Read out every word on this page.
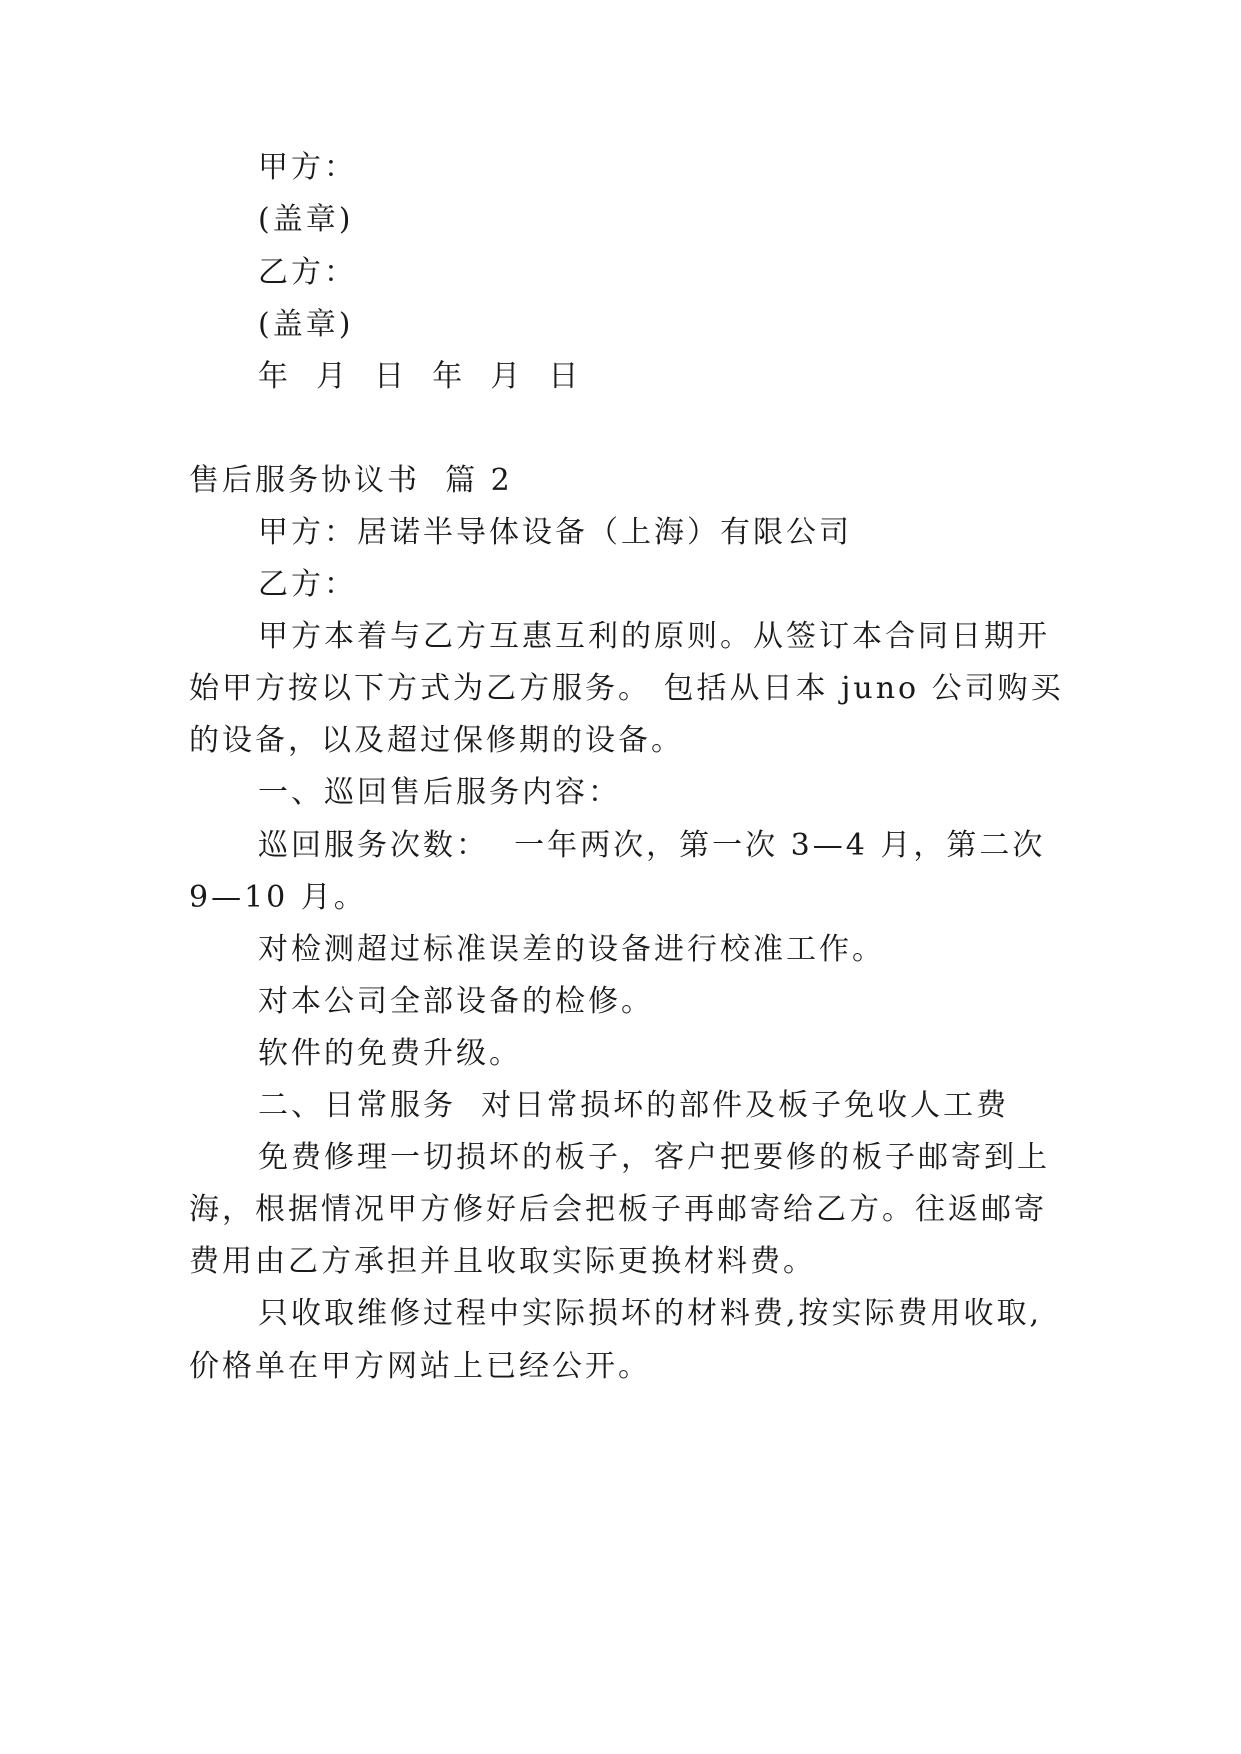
甲方：
(盖章)
乙方：
(盖章)
年  月  日  年  月  日
售后服务协议书  篇 2
甲方：居诺半导体设备（上海）有限公司
乙方：
甲方本着与乙方互惠互利的原则。从签订本合同日期开
始甲方按以下方式为乙方服务。 包括从日本 juno 公司购买
的设备，以及超过保修期的设备。
一、巡回售后服务内容：
巡回服务次数：  一年两次，第一次 3—4 月，第二次
9—10 月。
对检测超过标准误差的设备进行校准工作。
对本公司全部设备的检修。
软件的免费升级。
二、日常服务  对日常损坏的部件及板子免收人工费
免费修理一切损坏的板子，客户把要修的板子邮寄到上
海，根据情况甲方修好后会把板子再邮寄给乙方。往返邮寄
费用由乙方承担并且收取实际更换材料费。
只收取维修过程中实际损坏的材料费,按实际费用收取,
价格单在甲方网站上已经公开。
